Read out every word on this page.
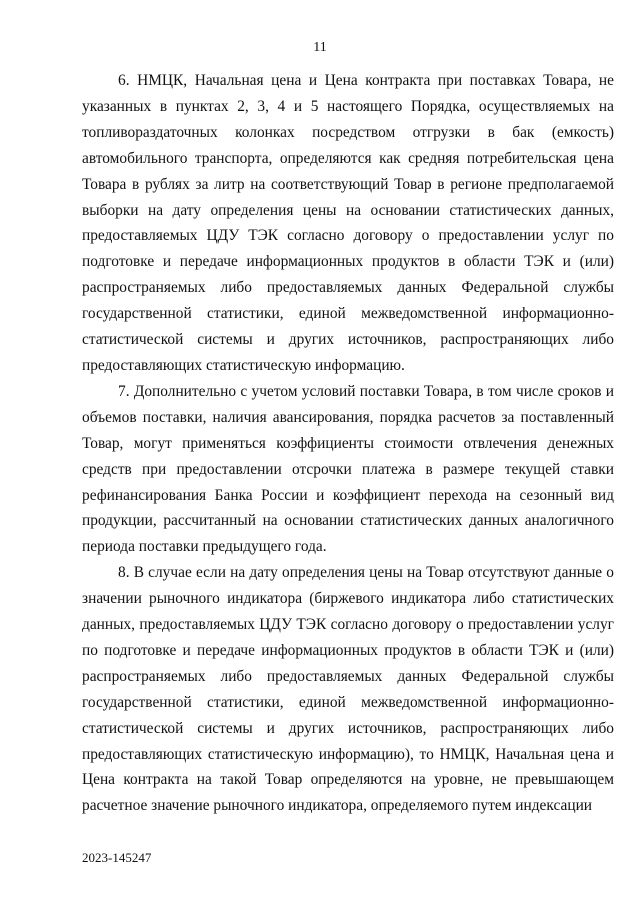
11

6. НМЦК, Начальная цена и Цена контракта при поставках Товара, не указанных в пунктах 2, 3, 4 и 5 настоящего Порядка, осуществляемых на топливораздаточных колонках посредством отгрузки в бак (емкость) автомобильного транспорта, определяются как средняя потребительская цена Товара в рублях за литр на соответствующий Товар в регионе предполагаемой выборки на дату определения цены на основании статистических данных, предоставляемых ЦДУ ТЭК согласно договору о предоставлении услуг по подготовке и передаче информационных продуктов в области ТЭК и (или) распространяемых либо предоставляемых данных Федеральной службы государственной статистики, единой межведомственной информационно-статистической системы и других источников, распространяющих либо предоставляющих статистическую информацию.

7. Дополнительно с учетом условий поставки Товара, в том числе сроков и объемов поставки, наличия авансирования, порядка расчетов за поставленный Товар, могут применяться коэффициенты стоимости отвлечения денежных средств при предоставлении отсрочки платежа в размере текущей ставки рефинансирования Банка России и коэффициент перехода на сезонный вид продукции, рассчитанный на основании статистических данных аналогичного периода поставки предыдущего года.

8. В случае если на дату определения цены на Товар отсутствуют данные о значении рыночного индикатора (биржевого индикатора либо статистических данных, предоставляемых ЦДУ ТЭК согласно договору о предоставлении услуг по подготовке и передаче информационных продуктов в области ТЭК и (или) распространяемых либо предоставляемых данных Федеральной службы государственной статистики, единой межведомственной информационно-статистической системы и других источников, распространяющих либо предоставляющих статистическую информацию), то НМЦК, Начальная цена и Цена контракта на такой Товар определяются на уровне, не превышающем расчетное значение рыночного индикатора, определяемого путем индексации

2023-145247
